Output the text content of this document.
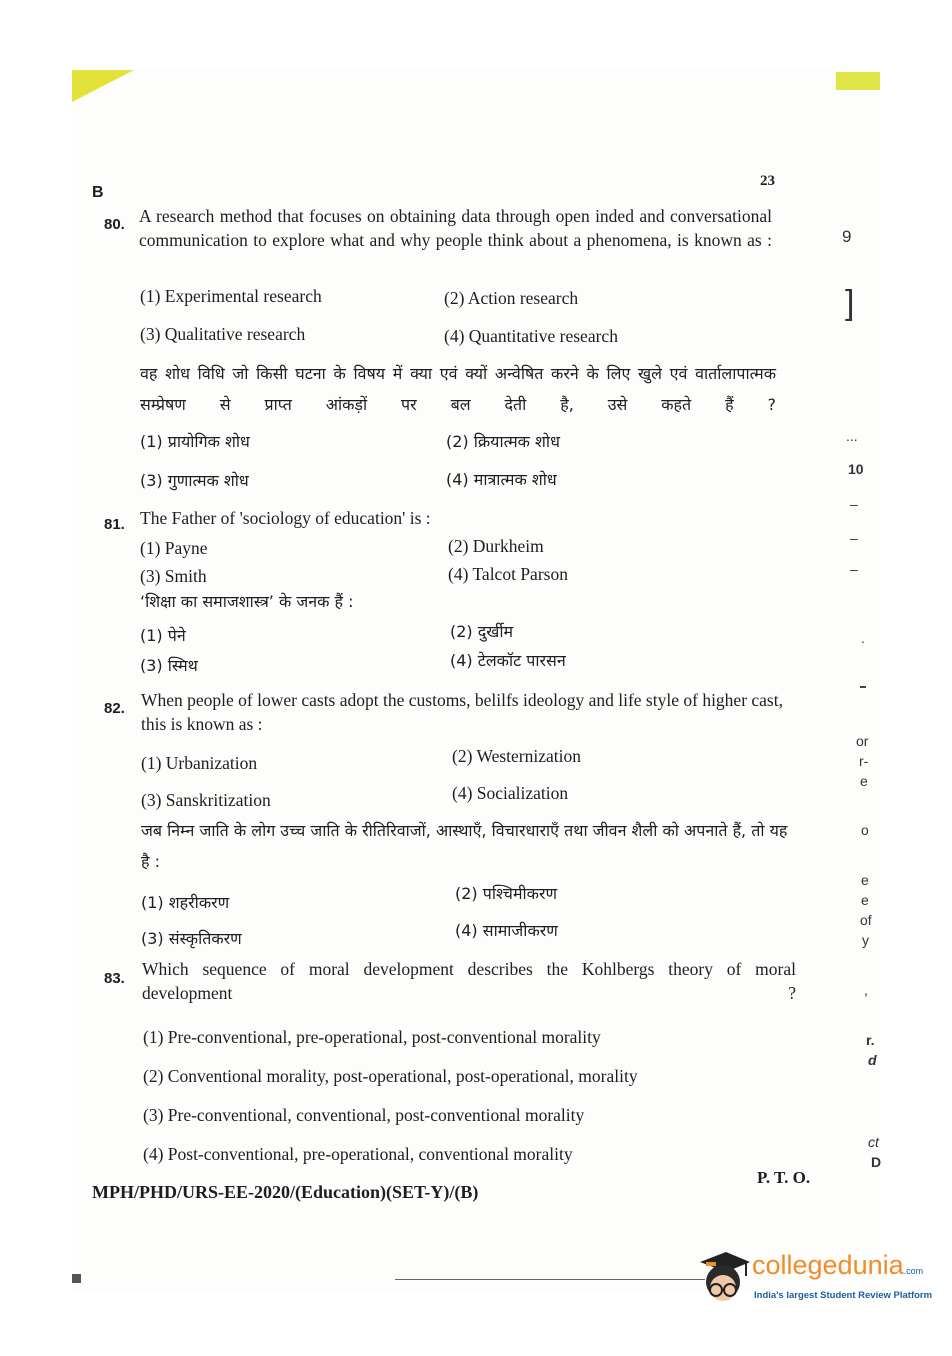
B
23
80. A research method that focuses on obtaining data through open inded and conversational communication to explore what and why people think about a phenomena, is known as :
(1) Experimental research	(2) Action research
(3) Qualitative research	(4) Quantitative research
वह शोध विधि जो किसी घटना के विषय में क्या एवं क्यों अन्वेषित करने के लिए खुले एवं वार्तालापात्मक सम्प्रेषण से प्राप्त आंकड़ों पर बल देती है, उसे कहते हैं ?
(1) प्रायोगिक शोध	(2) क्रियात्मक शोध
(3) गुणात्मक शोध	(4) मात्रात्मक शोध
81. The Father of 'sociology of education' is :
(1) Payne	(2) Durkheim
(3) Smith	(4) Talcot Parson
‘शिक्षा का समाजशास्त्र’ के जनक हैं :
(1) पेने	(2) दुर्खीम
(3) स्मिथ	(4) टेलकॉट पारसन
82. When people of lower casts adopt the customs, belilfs ideology and life style of higher cast, this is known as :
(1) Urbanization	(2) Westernization
(3) Sanskritization	(4) Socialization
जब निम्न जाति के लोग उच्च जाति के रीतिरिवाजों, आस्थाएँ, विचारधाराएँ तथा जीवन शैली को अपनाते हैं, तो यह है :
(1) शहरीकरण	(2) पश्चिमीकरण
(3) संस्कृतिकरण	(4) सामाजीकरण
83. Which sequence of moral development describes the Kohlbergs theory of moral development ?
(1) Pre-conventional, pre-operational, post-conventional morality
(2) Conventional morality, post-operational, post-operational, morality
(3) Pre-conventional, conventional, post-conventional morality
(4) Post-conventional, pre-operational, conventional morality
MPH/PHD/URS-EE-2020/(Education)(SET-Y)/(B)
P. T. O.
9
]
...
10
–
–
–
.
or
r-
e
o
e
e
of
y
,
r.
d
ct
D
collegedunia.com
India's largest Student Review Platform
